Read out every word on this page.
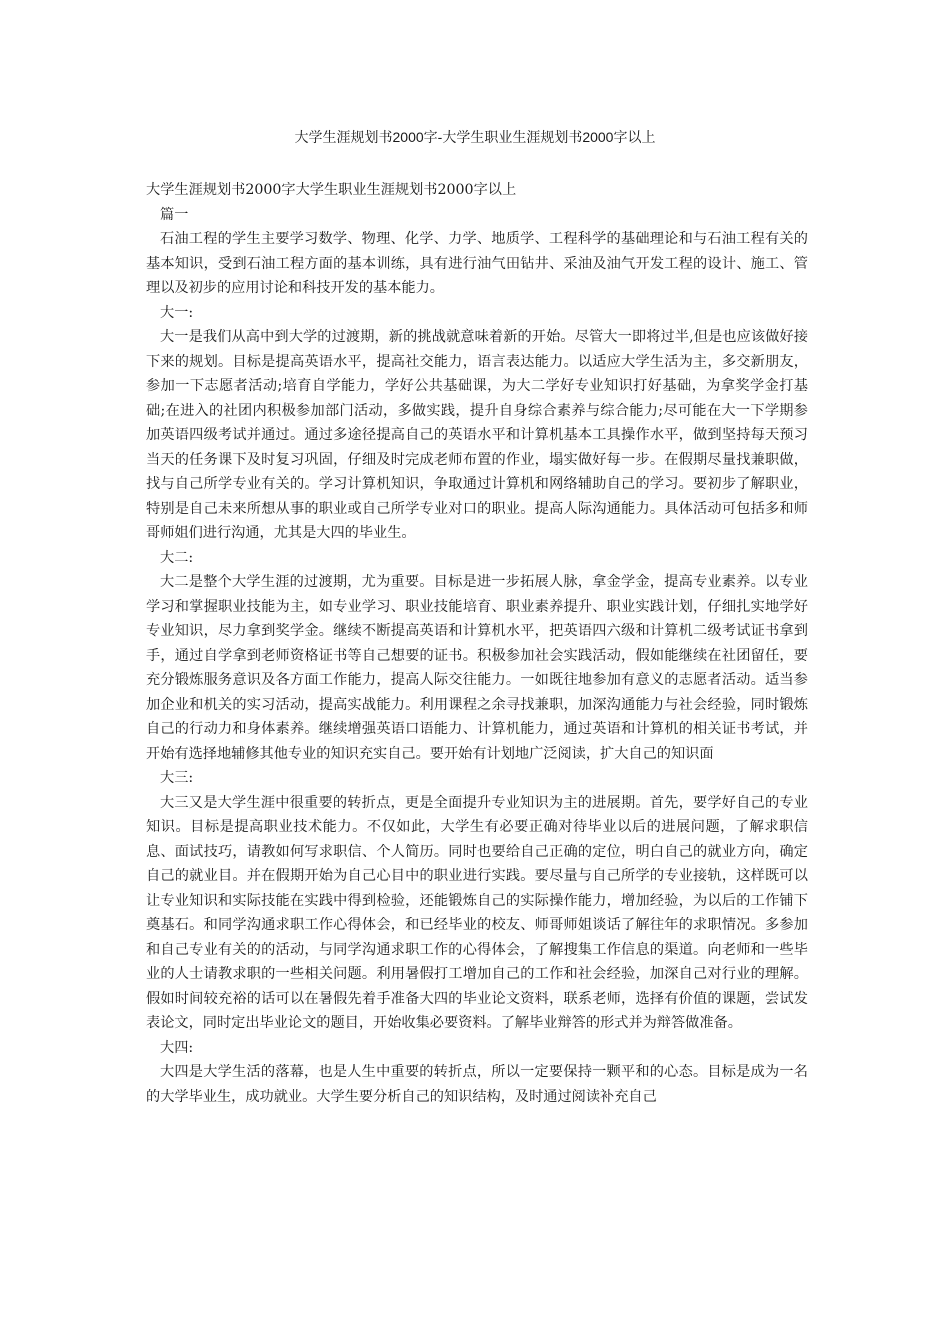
大学生涯规划书2000字-大学生职业生涯规划书2000字以上

大学生涯规划书2000字大学生职业生涯规划书2000字以上

篇一

石油工程的学生主要学习数学、物理、化学、力学、地质学、工程科学的基础理论和与石油工程有关的基本知识，受到石油工程方面的基本训练，具有进行油气田钻井、采油及油气开发工程的设计、施工、管理以及初步的应用讨论和科技开发的基本能力。

大一:

大一是我们从高中到大学的过渡期，新的挑战就意味着新的开始。尽管大一即将过半,但是也应该做好接下来的规划。目标是提高英语水平，提高社交能力，语言表达能力。以适应大学生活为主，多交新朋友，参加一下志愿者活动;培育自学能力，学好公共基础课，为大二学好专业知识打好基础，为拿奖学金打基础;在进入的社团内积极参加部门活动，多做实践，提升自身综合素养与综合能力;尽可能在大一下学期参加英语四级考试并通过。通过多途径提高自己的英语水平和计算机基本工具操作水平，做到坚持每天预习当天的任务课下及时复习巩固，仔细及时完成老师布置的作业，塌实做好每一步。在假期尽量找兼职做，找与自己所学专业有关的。学习计算机知识，争取通过计算机和网络辅助自己的学习。要初步了解职业，特别是自己未来所想从事的职业或自己所学专业对口的职业。提高人际沟通能力。具体活动可包括多和师哥师姐们进行沟通，尤其是大四的毕业生。

大二:

大二是整个大学生涯的过渡期，尤为重要。目标是进一步拓展人脉，拿金学金，提高专业素养。以专业学习和掌握职业技能为主，如专业学习、职业技能培育、职业素养提升、职业实践计划，仔细扎实地学好专业知识，尽力拿到奖学金。继续不断提高英语和计算机水平，把英语四六级和计算机二级考试证书拿到手，通过自学拿到老师资格证书等自己想要的证书。积极参加社会实践活动，假如能继续在社团留任，要充分锻炼服务意识及各方面工作能力，提高人际交往能力。一如既往地参加有意义的志愿者活动。适当参加企业和机关的实习活动，提高实战能力。利用课程之余寻找兼职，加深沟通能力与社会经验，同时锻炼自己的行动力和身体素养。继续增强英语口语能力、计算机能力，通过英语和计算机的相关证书考试，并开始有选择地辅修其他专业的知识充实自己。要开始有计划地广泛阅读，扩大自己的知识面

大三:

大三又是大学生涯中很重要的转折点，更是全面提升专业知识为主的进展期。首先，要学好自己的专业知识。目标是提高职业技术能力。不仅如此，大学生有必要正确对待毕业以后的进展问题，了解求职信息、面试技巧，请教如何写求职信、个人简历。同时也要给自己正确的定位，明白自己的就业方向，确定自己的就业目。并在假期开始为自己心目中的职业进行实践。要尽量与自己所学的专业接轨，这样既可以让专业知识和实际技能在实践中得到检验，还能锻炼自己的实际操作能力，增加经验，为以后的工作铺下奠基石。和同学沟通求职工作心得体会，和已经毕业的校友、师哥师姐谈话了解往年的求职情况。多参加和自己专业有关的的活动，与同学沟通求职工作的心得体会，了解搜集工作信息的渠道。向老师和一些毕业的人士请教求职的一些相关问题。利用暑假打工增加自己的工作和社会经验，加深自己对行业的理解。假如时间较充裕的话可以在暑假先着手准备大四的毕业论文资料，联系老师，选择有价值的课题，尝试发表论文，同时定出毕业论文的题目，开始收集必要资料。了解毕业辩答的形式并为辩答做准备。

大四:

大四是大学生活的落幕，也是人生中重要的转折点，所以一定要保持一颗平和的心态。目标是成为一名的大学毕业生，成功就业。大学生要分析自己的知识结构，及时通过阅读补充自己
